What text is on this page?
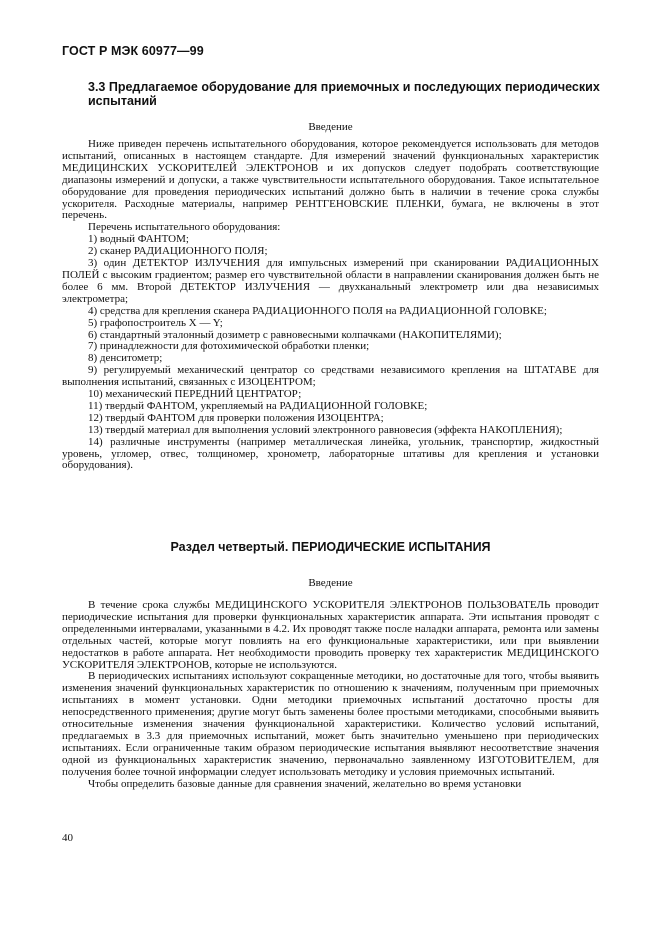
ГОСТ Р МЭК 60977—99
3.3 Предлагаемое оборудование для приемочных и последующих периодических испытаний
Введение

Ниже приведен перечень испытательного оборудования, которое рекомендуется использовать для методов испытаний, описанных в настоящем стандарте. Для измерений значений функциональных характеристик МЕДИЦИНСКИХ УСКОРИТЕЛЕЙ ЭЛЕКТРОНОВ и их допусков следует подобрать соответствующие диапазоны измерений и допуски, а также чувствительности испытательного оборудования. Такое испытательное оборудование для проведения периодических испытаний должно быть в наличии в течение срока службы ускорителя. Расходные материалы, например РЕНТГЕНОВСКИЕ ПЛЕНКИ, бумага, не включены в этот перечень.

Перечень испытательного оборудования:

1) водный ФАНТОМ;

2) сканер РАДИАЦИОННОГО ПОЛЯ;

3) один ДЕТЕКТОР ИЗЛУЧЕНИЯ для импульсных измерений при сканировании РАДИАЦИОННЫХ ПОЛЕЙ с высоким градиентом; размер его чувствительной области в направлении сканирования должен быть не более 6 мм. Второй ДЕТЕКТОР ИЗЛУЧЕНИЯ — двухканальный электрометр или два независимых электрометра;

4) средства для крепления сканера РАДИАЦИОННОГО ПОЛЯ на РАДИАЦИОННОЙ ГОЛОВКЕ;

5) графопостроитель X — Y;

6) стандартный эталонный дозиметр с равновесными колпачками (НАКОПИТЕЛЯМИ);

7) принадлежности для фотохимической обработки пленки;

8) денситометр;

9) регулируемый механический центратор со средствами независимого крепления на ШТАТАВЕ для выполнения испытаний, связанных с ИЗОЦЕНТРОМ;

10) механический ПЕРЕДНИЙ ЦЕНТРАТОР;

11) твердый ФАНТОМ, укрепляемый на РАДИАЦИОННОЙ ГОЛОВКЕ;

12) твердый ФАНТОМ для проверки положения ИЗОЦЕНТРА;

13) твердый материал для выполнения условий электронного равновесия (эффекта НАКОПЛЕНИЯ);

14) различные инструменты (например металлическая линейка, угольник, транспортир, жидкостный уровень, угломер, отвес, толщиномер, хронометр, лабораторные штативы для крепления и установки оборудования).

Раздел четвертый. ПЕРИОДИЧЕСКИЕ ИСПЫТАНИЯ
Введение

В течение срока службы МЕДИЦИНСКОГО УСКОРИТЕЛЯ ЭЛЕКТРОНОВ ПОЛЬЗОВАТЕЛЬ проводит периодические испытания для проверки функциональных характеристик аппарата. Эти испытания проводят с определенными интервалами, указанными в 4.2. Их проводят также после наладки аппарата, ремонта или замены отдельных частей, которые могут повлиять на его функциональные характеристики, или при выявлении недостатков в работе аппарата. Нет необходимости проводить проверку тех характеристик МЕДИЦИНСКОГО УСКОРИТЕЛЯ ЭЛЕКТРОНОВ, которые не используются.

В периодических испытаниях используют сокращенные методики, но достаточные для того, чтобы выявить изменения значений функциональных характеристик по отношению к значениям, полученным при приемочных испытаниях в момент установки. Одни методики приемочных испытаний достаточно просты для непосредственного применения; другие могут быть заменены более простыми методиками, способными выявить относительные изменения значения функциональной характеристики. Количество условий испытаний, предлагаемых в 3.3 для приемочных испытаний, может быть значительно уменьшено при периодических испытаниях. Если ограниченные таким образом периодические испытания выявляют несоответствие значения одной из функциональных характеристик значению, первоначально заявленному ИЗГОТОВИТЕЛЕМ, для получения более точной информации следует использовать методику и условия приемочных испытаний.

Чтобы определить базовые данные для сравнения значений, желательно во время установки

40
